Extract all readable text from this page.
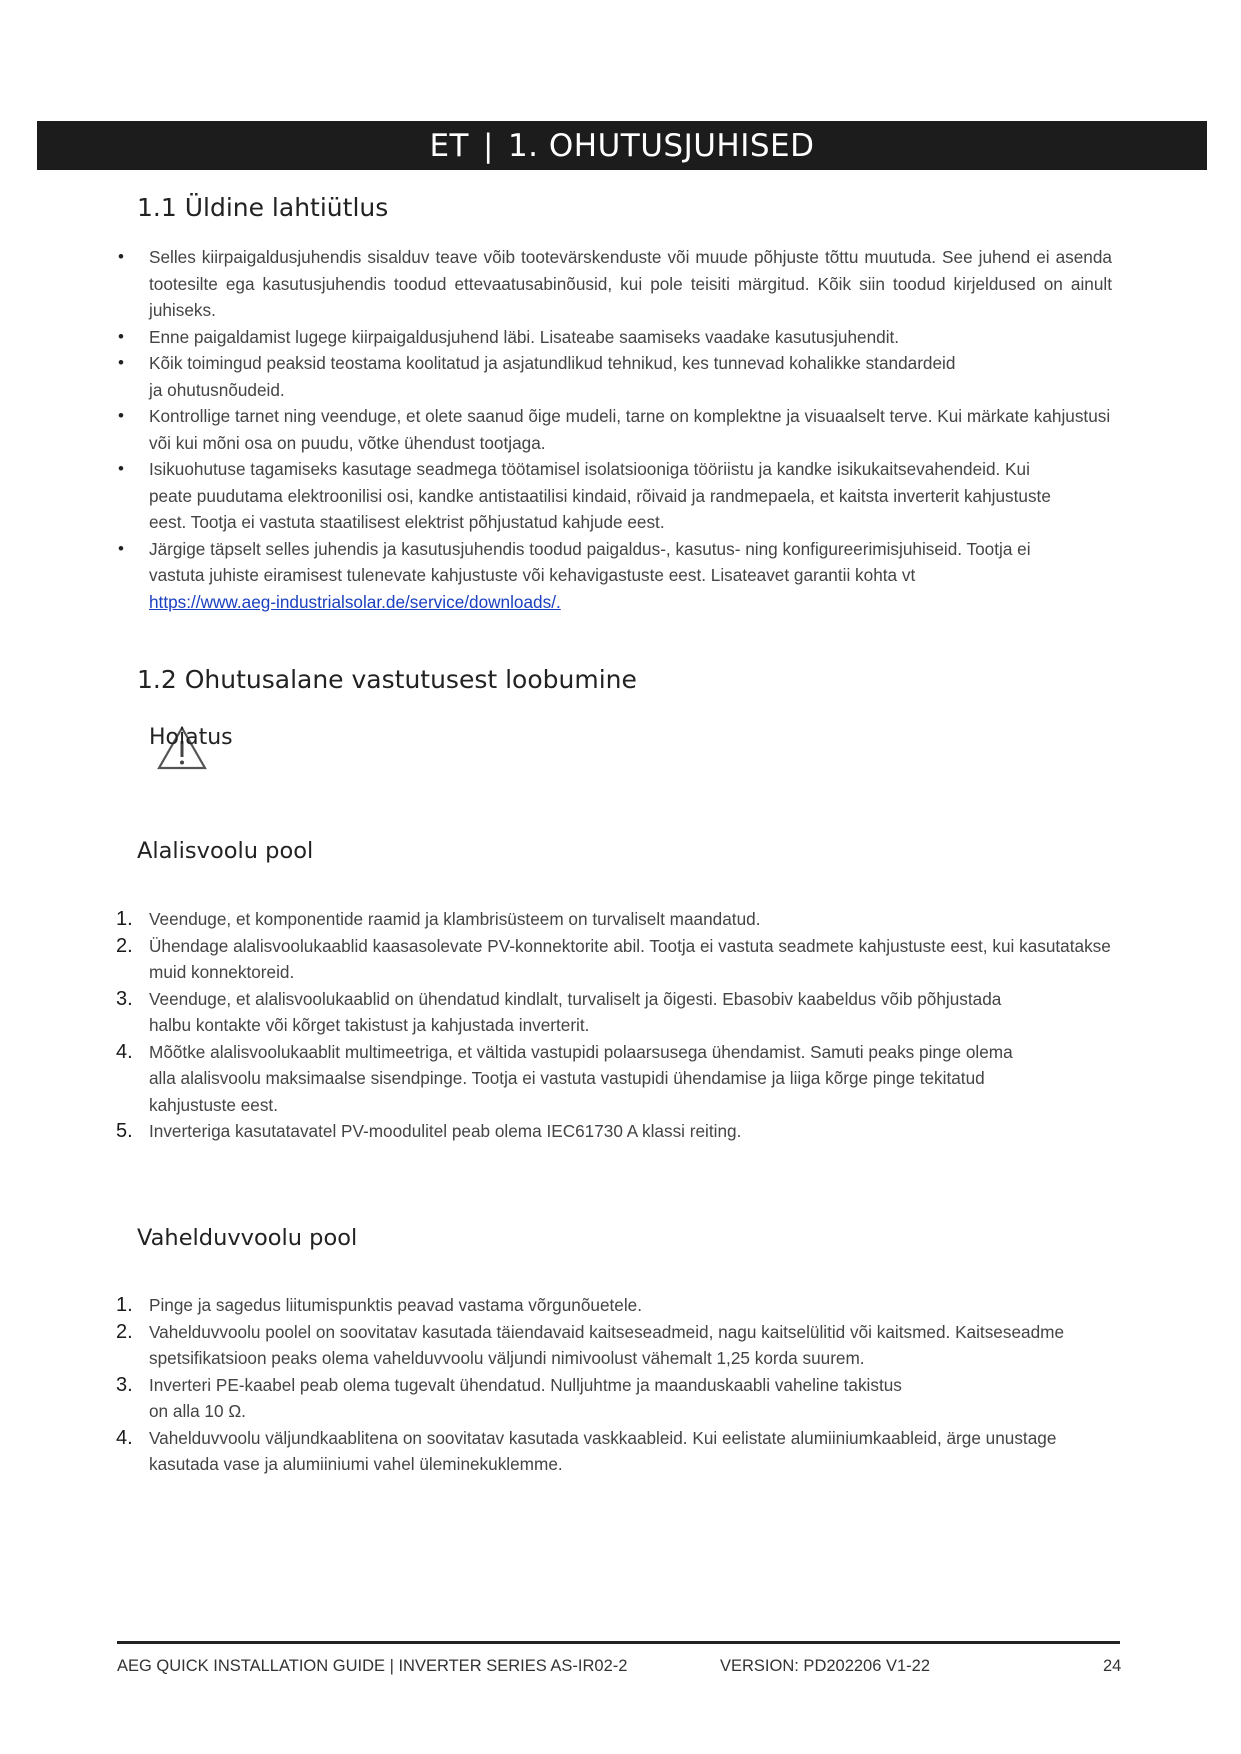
ET | 1. OHUTUSJUHISED
1.1 Üldine lahtiütlus
• Selles kiirpaigaldusjuhendis sisalduv teave võib tootevärskenduste või muude põhjuste tõttu muutuda. See juhend ei asenda tootesilte ega kasutusjuhendis toodud ettevaatusabinõusid, kui pole teisiti märgitud. Kõik siin toodud kirjeldused on ainult juhiseks.
• Enne paigaldamist lugege kiirpaigaldusjuhend läbi. Lisateabe saamiseks vaadake kasutusjuhendit.
• Kõik toimingud peaksid teostama koolitatud ja asjatundlikud tehnikud, kes tunnevad kohalikke standardeid ja ohutusnõudeid.
• Kontrollige tarnet ning veenduge, et olete saanud õige mudeli, tarne on komplektne ja visuaalselt terve. Kui märkate kahjustusi või kui mõni osa on puudu, võtke ühendust tootjaga.
• Isikuohutuse tagamiseks kasutage seadmega töötamisel isolatsiooniga tööriistu ja kandke isikukaitsevahendeid. Kui peate puudutama elektroonilisi osi, kandke antistaatilisi kindaid, rõivaid ja randmepaela, et kaitsta inverterit kahjustuste eest. Tootja ei vastuta staatilisest elektrist põhjustatud kahjude eest.
• Järgige täpselt selles juhendis ja kasutusjuhendis toodud paigaldus-, kasutus- ning konfigureerimisjuhiseid. Tootja ei vastuta juhiste eiramisest tulenevate kahjustuste või kehavigastuste eest. Lisateavet garantii kohta vt https://www.aeg-industrialsolar.de/service/downloads/.
1.2 Ohutusalane vastutusest loobumine
Hoiatus
Alalisvoolu pool
1. Veenduge, et komponentide raamid ja klambrisüsteem on turvaliselt maandatud.
2. Ühendage alalisvoolukaablid kaasasolevate PV-konnektorite abil. Tootja ei vastuta seadmete kahjustuste eest, kui kasutatakse muid konnektoreid.
3. Veenduge, et alalisvoolukaablid on ühendatud kindlalt, turvaliselt ja õigesti. Ebasobiv kaabeldus võib põhjustada halbu kontakte või kõrget takistust ja kahjustada inverterit.
4. Mõõtke alalisvoolukaablit multimeetriga, et vältida vastupidi polaarsusega ühendamist. Samuti peaks pinge olema alla alalisvoolu maksimaalse sisendpinge. Tootja ei vastuta vastupidi ühendamise ja liiga kõrge pinge tekitatud kahjustuste eest.
5. Inverteriga kasutatavatel PV-moodulitel peab olema IEC61730 A klassi reiting.
Vahelduvvoolu pool
1. Pinge ja sagedus liitumispunktis peavad vastama võrgunõuetele.
2. Vahelduvvoolu poolel on soovitatav kasutada täiendavaid kaitseseadmeid, nagu kaitselülitid või kaitsmed. Kaitseseadme spetsifikatsioon peaks olema vahelduvvoolu väljundi nimivoolust vähemalt 1,25 korda suurem.
3. Inverteri PE-kaabel peab olema tugevalt ühendatud. Nulljuhtme ja maanduskaabli vaheline takistus on alla 10 Ω.
4. Vahelduvvoolu väljundkaablitena on soovitatav kasutada vaskkaableid. Kui eelistate alumiiniumkaableid, ärge unustage kasutada vase ja alumiiniumi vahel üleminekuklemme.
AEG QUICK INSTALLATION GUIDE | INVERTER SERIES AS-IR02-2	VERSION: PD202206 V1-22	24
